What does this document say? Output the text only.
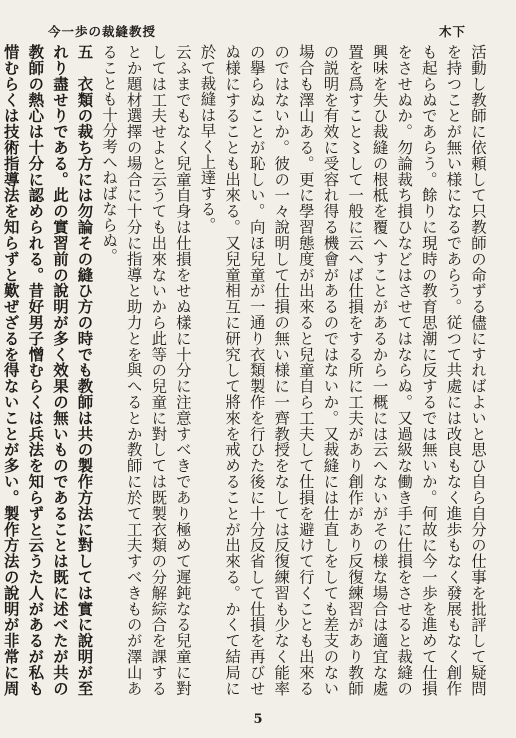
今一歩の裁縫教授	木下

活動し教師に依頼して只教師の命ずる儘にすればよいと思ひ自ら自分の仕事を批評して疑問を持つことが無い様になるであらう。従つて共處には改良もなく進歩もなく發展もなく創作も起らぬであらう。餘りに現時の教育思潮に反するでは無いか。何故に今一歩を進めて仕損をさせぬか。勿論裁ち損ひなどはさせてはならぬ。又過級な働き手に仕損をさせると裁縫の興味を失ひ裁縫の根柢を覆へすことがあるから一概には云へないがその様な場合は適宜な處置を爲すこと〻して一般に云へば仕損をする所に工夫があり創作があり反復練習があり教師の説明を有效に受容れ得る機會があるのではないか。又裁縫には仕直しをしても差支のない場合も澤山ある。更に學習態度が出來ると兒童自ら工夫して仕損を避けて行くことも出來るのではないか。彼の一々說明して仕損の無い様に一齊教授をなしては反復練習も少なく能率の擧らぬことが恥しい。向ほ兒童が一通り衣類製作を行ひた後に十分反省して仕損を再びせぬ様にすることも出來る。又兒童相互に研究して將來を戒めることが出來る。かくて結局に於て裁縫は早く上達する。

云ふまでもなく兒童自身は仕損をせぬ樣に十分に注意すべきであり極めて遲鈍なる兒童に對しては工夫せよと云うても出來ないから此等の兒童に對しては既製衣類の分解綜合を課するとか題材選擇の場合に十分に指導と助力とを與へるとか教師に於て工夫すべきものが澤山あることも十分考へねばならぬ。

五　衣類の裁ち方には勿論その縫ひ方の時でも教師は共の製作方法に對しては實に說明が至れり盡せりである。此の實習前の說明が多く效果の無いものであることは既に述べたが共の教師の熱心は十分に認められる。昔好男子憎むらくは兵法を知らずと云うた人があるが私も惜むらくは技術指導法を知らずと歎ぜざるを得ないことが多い。製作方法の說明が非常に周

5
